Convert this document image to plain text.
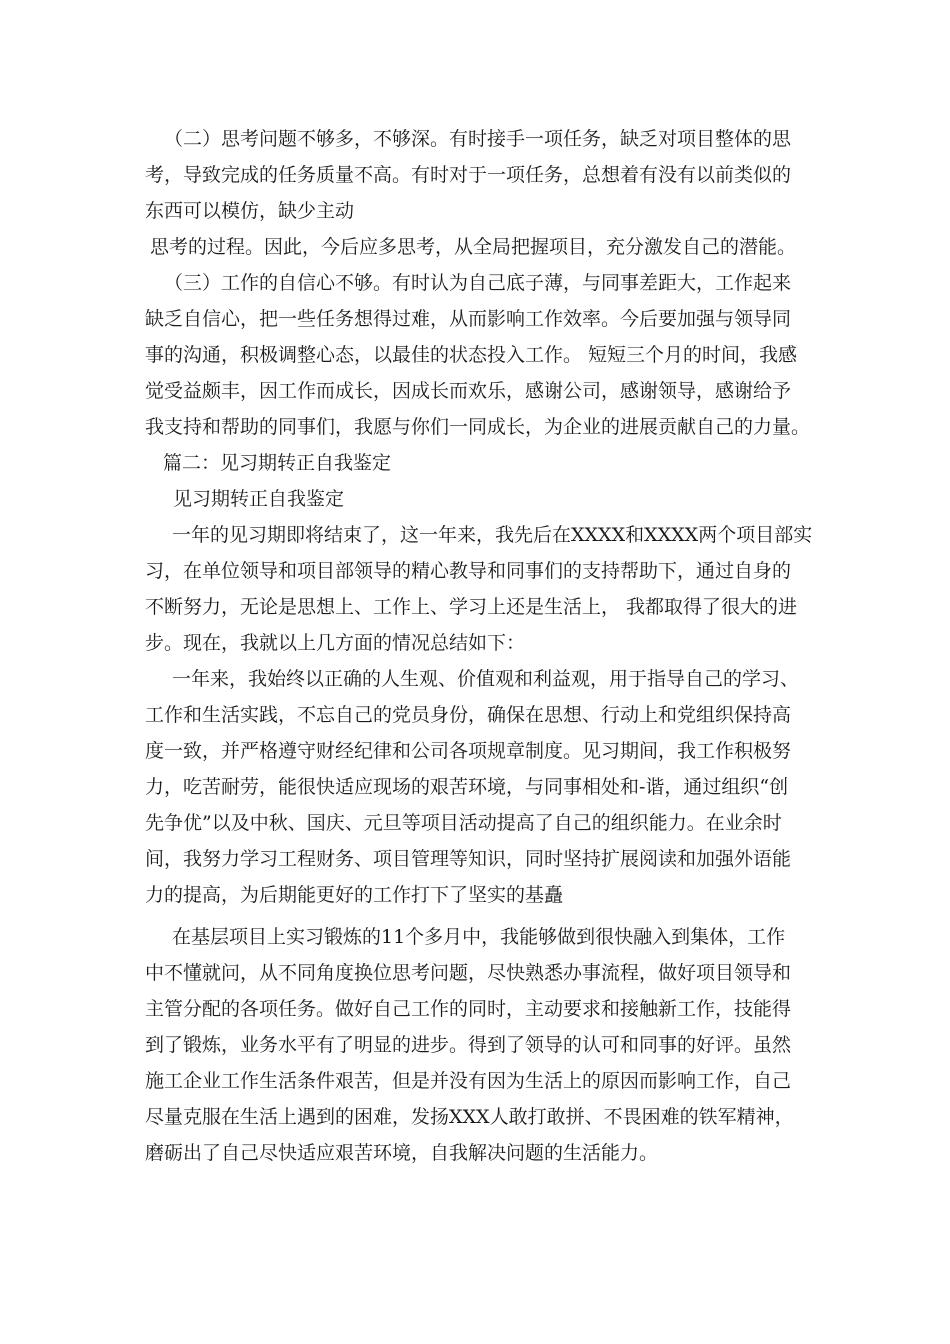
（二）思考问题不够多，不够深。有时接手一项任务，缺乏对项目整体的思
考，导致完成的任务质量不高。有时对于一项任务，总想着有没有以前类似的
东西可以模仿，缺少主动
思考的过程。因此，今后应多思考，从全局把握项目，充分激发自己的潜能。
（三）工作的自信心不够。有时认为自己底子薄，与同事差距大，工作起来
缺乏自信心，把一些任务想得过难，从而影响工作效率。今后要加强与领导同
事的沟通，积极调整心态，以最佳的状态投入工作。 短短三个月的时间，我感
觉受益颇丰，因工作而成长，因成长而欢乐，感谢公司，感谢领导，感谢给予
我支持和帮助的同事们，我愿与你们一同成长，为企业的进展贡献自己的力量。
篇二：见习期转正自我鉴定
见习期转正自我鉴定
一年的见习期即将结束了，这一年来，我先后在XXXX和XXXX两个项目部实
习，在单位领导和项目部领导的精心教导和同事们的支持帮助下，通过自身的
不断努力，无论是思想上、工作上、学习上还是生活上， 我都取得了很大的进
步。现在，我就以上几方面的情况总结如下：
一年来，我始终以正确的人生观、价值观和利益观，用于指导自己的学习、
工作和生活实践，不忘自己的党员身份，确保在思想、行动上和党组织保持高
度一致，并严格遵守财经纪律和公司各项规章制度。见习期间，我工作积极努
力，吃苦耐劳，能很快适应现场的艰苦环境，与同事相处和-谐，通过组织“创
先争优”以及中秋、国庆、元旦等项目活动提高了自己的组织能力。在业余时
间，我努力学习工程财务、项目管理等知识，同时坚持扩展阅读和加强外语能
力的提高，为后期能更好的工作打下了坚实的基矗
在基层项目上实习锻炼的11个多月中，我能够做到很快融入到集体，工作
中不懂就问，从不同角度换位思考问题，尽快熟悉办事流程，做好项目领导和
主管分配的各项任务。做好自己工作的同时，主动要求和接触新工作，技能得
到了锻炼，业务水平有了明显的进步。得到了领导的认可和同事的好评。虽然
施工企业工作生活条件艰苦，但是并没有因为生活上的原因而影响工作，自己
尽量克服在生活上遇到的困难，发扬XXX人敢打敢拼、不畏困难的铁军精神，
磨砺出了自己尽快适应艰苦环境，自我解决问题的生活能力。
